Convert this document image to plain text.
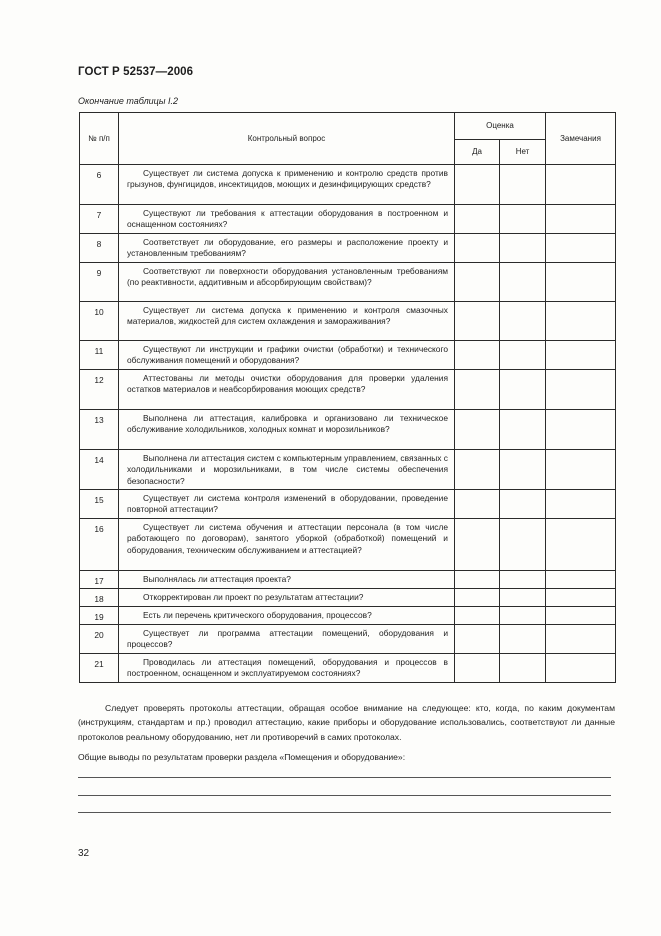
ГОСТ Р 52537—2006
Окончание таблицы I.2
№ п/п	Контрольный вопрос	Оценка		Замечания
		Да	Нет	
6	Существует ли система допуска к применению и контролю средств против грызунов, фунгицидов, инсектицидов, моющих и дезинфицирующих средств?			

7	Существуют ли требования к аттестации оборудования в построенном и оснащенном состояниях?			

8	Соответствует ли оборудование, его размеры и расположение проекту и установленным требованиям?			

9	Соответствуют ли поверхности оборудования установленным требованиям (по реактивности, аддитивным и абсорбирующим свойствам)?			

10	Существует ли система допуска к применению и контроля смазочных материалов, жидкостей для систем охлаждения и замораживания?			

11	Существуют ли инструкции и графики очистки (обработки) и технического обслуживания помещений и оборудования?			

12	Аттестованы ли методы очистки оборудования для проверки удаления остатков материалов и неабсорбирования моющих средств?			

13	Выполнена ли аттестация, калибровка и организовано ли техническое обслуживание холодильников, холодных комнат и морозильников?			

14	Выполнена ли аттестация систем с компьютерным управлением, связанных с холодильниками и морозильниками, в том числе системы обеспечения безопасности?			

15	Существует ли система контроля изменений в оборудовании, проведение повторной аттестации?			

16	Существует ли система обучения и аттестации персонала (в том числе работающего по договорам), занятого уборкой (обработкой) помещений и оборудования, техническим обслуживанием и аттестацией?			

17	Выполнялась ли аттестация проекта?			

18	Откорректирован ли проект по результатам аттестации?			

19	Есть ли перечень критического оборудования, процессов?			

20	Существует ли программа аттестации помещений, оборудования и процессов?			

21	Проводилась ли аттестация помещений, оборудования и процессов в построенном, оснащенном и эксплуатируемом состояниях?			

Следует проверять протоколы аттестации, обращая особое внимание на следующее: кто, когда, по каким документам (инструкциям, стандартам и пр.) проводил аттестацию, какие приборы и оборудование использовались, соответствуют ли данные протоколов реальному оборудованию, нет ли противоречий в самих протоколах.
Общие выводы по результатам проверки раздела «Помещения и оборудование»:
32
